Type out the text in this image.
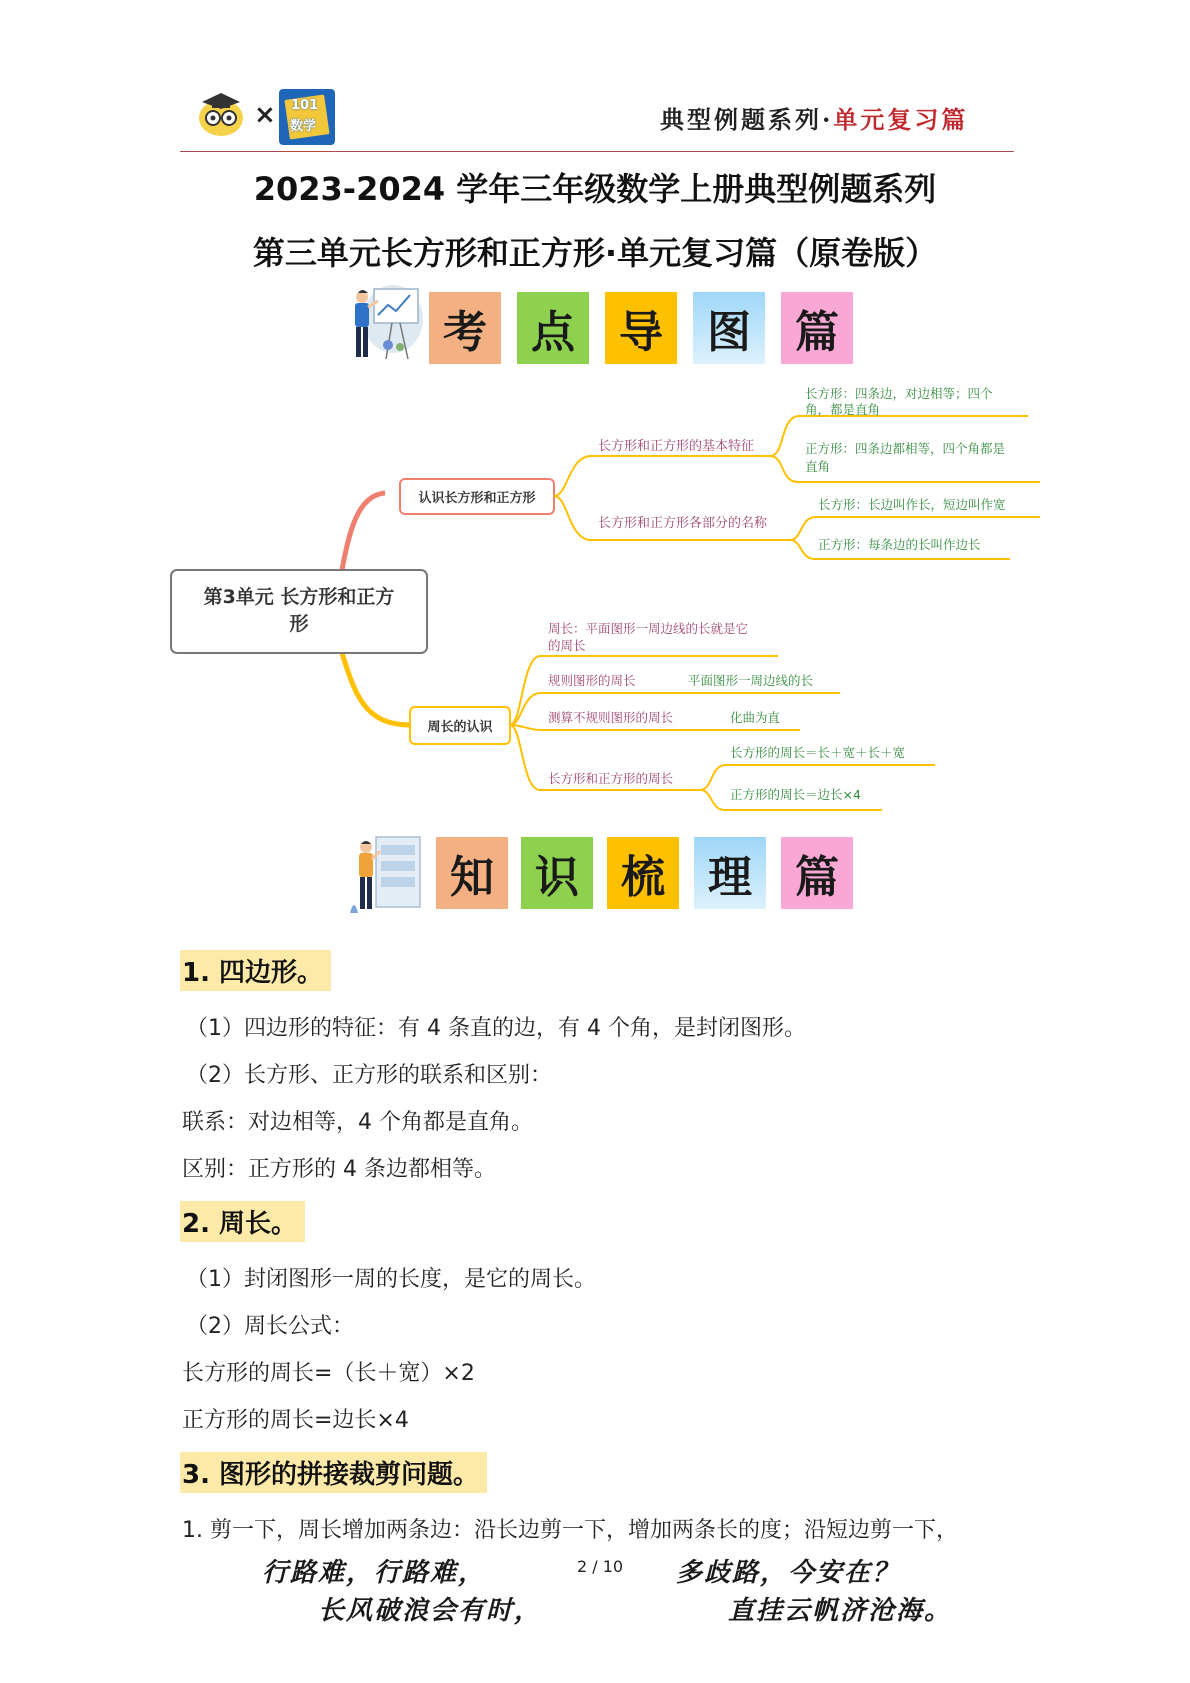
× 101
数学	典型例题系列·单元复习篇
2023-2024 学年三年级数学上册典型例题系列
第三单元长方形和正方形·单元复习篇（原卷版）
考	点	导	图	篇
第3单元 长方形和正方
形
认识长方形和正方形
长方形和正方形的基本特征
长方形和正方形各部分的名称
长方形：四条边，对边相等；四个
角，都是直角
正方形：四条边都相等，四个角都是
直角
长方形：长边叫作长，短边叫作宽
正方形：每条边的长叫作边长
周长的认识
周长：平面图形一周边线的长就是它
的周长
规则图形的周长	平面图形一周边线的长
测算不规则图形的周长	化曲为直
长方形和正方形的周长
长方形的周长＝长＋宽＋长＋宽
正方形的周长＝边长×4
知 识 梳 理 篇
1. 四边形。
（1）四边形的特征：有 4 条直的边，有 4 个角，是封闭图形。
（2）长方形、正方形的联系和区别：
联系：对边相等，4 个角都是直角。
区别：正方形的 4 条边都相等。
2. 周长。
（1）封闭图形一周的长度，是它的周长。
（2）周长公式：
长方形的周长=（长＋宽）×2
正方形的周长=边长×4
3. 图形的拼接裁剪问题。
1. 剪一下，周长增加两条边：沿长边剪一下，增加两条长的度；沿短边剪一下，
2 / 10
行路难，行路难，	多歧路，今安在？
长风破浪会有时，	直挂云帆济沧海。
